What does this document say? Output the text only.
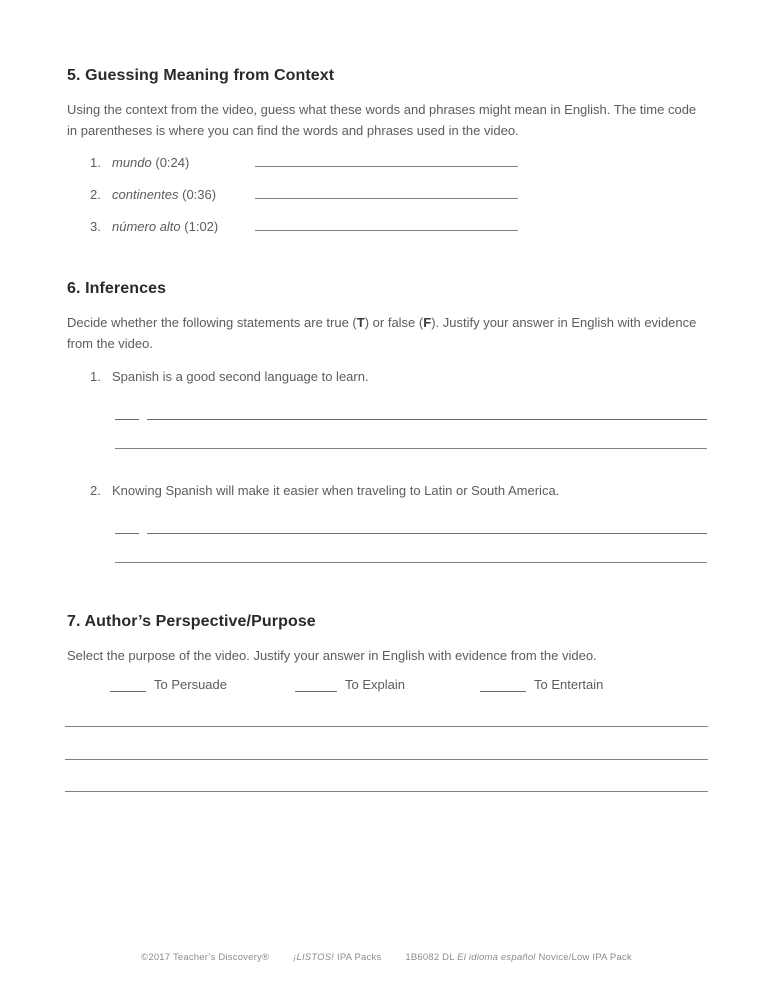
5. Guessing Meaning from Context

Using the context from the video, guess what these words and phrases might mean in English. The time code in parentheses is where you can find the words and phrases used in the video.

1. mundo (0:24)
2. continentes (0:36)
3. número alto (1:02)
6. Inferences

Decide whether the following statements are true (T) or false (F). Justify your answer in English with evidence from the video.

1. Spanish is a good second language to learn.
2. Knowing Spanish will make it easier when traveling to Latin or South America.
7. Author’s Perspective/Purpose

Select the purpose of the video. Justify your answer in English with evidence from the video.

To Persuade	To Explain	To Entertain
©2017 Teacher’s Discovery®	¡LISTOS! IPA Packs	1B6082 DL El idioma español Novice/Low IPA Pack
